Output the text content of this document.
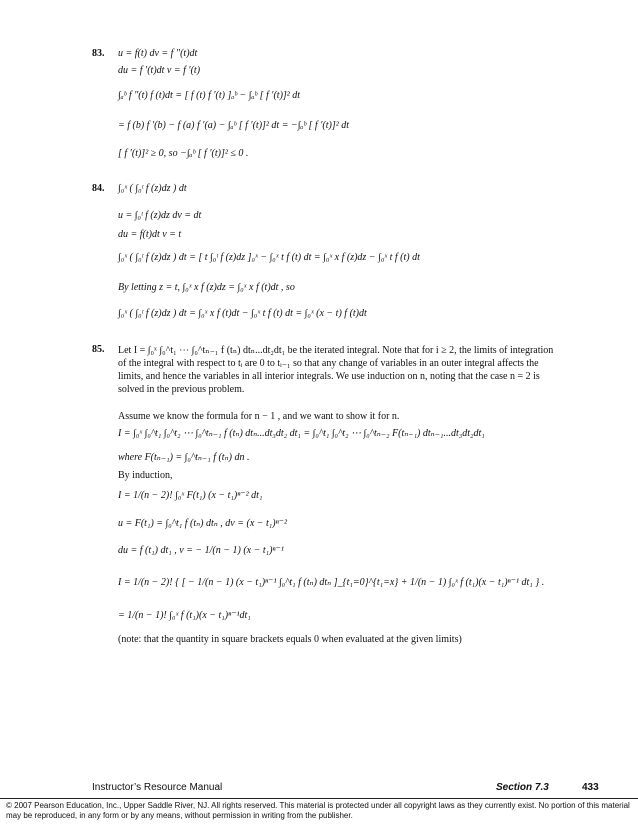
83. u = f(t) dv = f ″(t)dt
du = f ′(t)dt v = f ′(t)
∫ₐᵇ f ″(t) f (t)dt = [ f (t) f ′(t) ]ₐᵇ − ∫ₐᵇ [ f ′(t)]² dt
= f (b) f ′(b) − f (a) f ′(a) − ∫ₐᵇ [ f ′(t)]² dt = −∫ₐᵇ [ f ′(t)]² dt
[ f ′(t)]² ≥ 0, so −∫ₐᵇ [ f ′(t)]² ≤ 0 .
84. ∫₀ˣ ( ∫₀ᵗ f (z)dz ) dt
u = ∫₀ᵗ f (z)dz dv = dt
du = f(t)dt v = t
∫₀ˣ ( ∫₀ᵗ f (z)dz ) dt = [ t ∫₀ᵗ f (z)dz ]₀ˣ − ∫₀ˣ t f (t) dt = ∫₀ˣ x f (z)dz − ∫₀ˣ t f (t) dt
By letting z = t, ∫₀ˣ x f (z)dz = ∫₀ˣ x f (t)dt , so
∫₀ˣ ( ∫₀ᵗ f (z)dz ) dt = ∫₀ˣ x f (t)dt − ∫₀ˣ t f (t) dt = ∫₀ˣ (x − t) f (t)dt
85. Let I = ∫₀ˣ ∫₀^t₁ ⋯ ∫₀^tₙ₋₁ f (tₙ) dtₙ...dt₂dt₁ be the iterated integral. Note that for i ≥ 2, the limits of integration of the integral with respect to tᵢ are 0 to tᵢ₋₁ so that any change of variables in an outer integral affects the limits, and hence the variables in all interior integrals. We use induction on n, noting that the case n = 2 is solved in the previous problem.
Assume we know the formula for n − 1 , and we want to show it for n.
I = ∫₀ˣ ∫₀^t₁ ∫₀^t₂ ⋯ ∫₀^tₙ₋₁ f (tₙ) dtₙ...dt₃dt₂ dt₁ = ∫₀^t₁ ∫₀^t₂ ⋯ ∫₀^tₙ₋₂ F(tₙ₋₁) dtₙ₋₁...dt₃dt₂dt₁
where F(tₙ₋₁) = ∫₀^tₙ₋₁ f (tₙ) dn .
By induction,
I = 1/(n − 2)! ∫₀ˣ F(t₁) (x − t₁)ⁿ⁻² dt₁
u = F(t₁) = ∫₀^t₁ f (tₙ) dtₙ , dv = (x − t₁)ⁿ⁻²
du = f (t₁) dt₁ , v = − 1/(n − 1) (x − t₁)ⁿ⁻¹
I = 1/(n − 2)! { [ − 1/(n − 1) (x − t₁)ⁿ⁻¹ ∫₀^t₁ f (tₙ) dtₙ ]_{t₁=0}^{t₁=x} + 1/(n − 1) ∫₀ˣ f (t₁)(x − t₁)ⁿ⁻¹ dt₁ } .
= 1/(n − 1)! ∫₀ˣ f (t₁)(x − t₁)ⁿ⁻¹dt₁
(note: that the quantity in square brackets equals 0 when evaluated at the given limits)
Instructor’s Resource Manual	Section 7.3	433
© 2007 Pearson Education, Inc., Upper Saddle River, NJ. All rights reserved. This material is protected under all copyright laws as they currently exist. No portion of this material may be reproduced, in any form or by any means, without permission in writing from the publisher.
